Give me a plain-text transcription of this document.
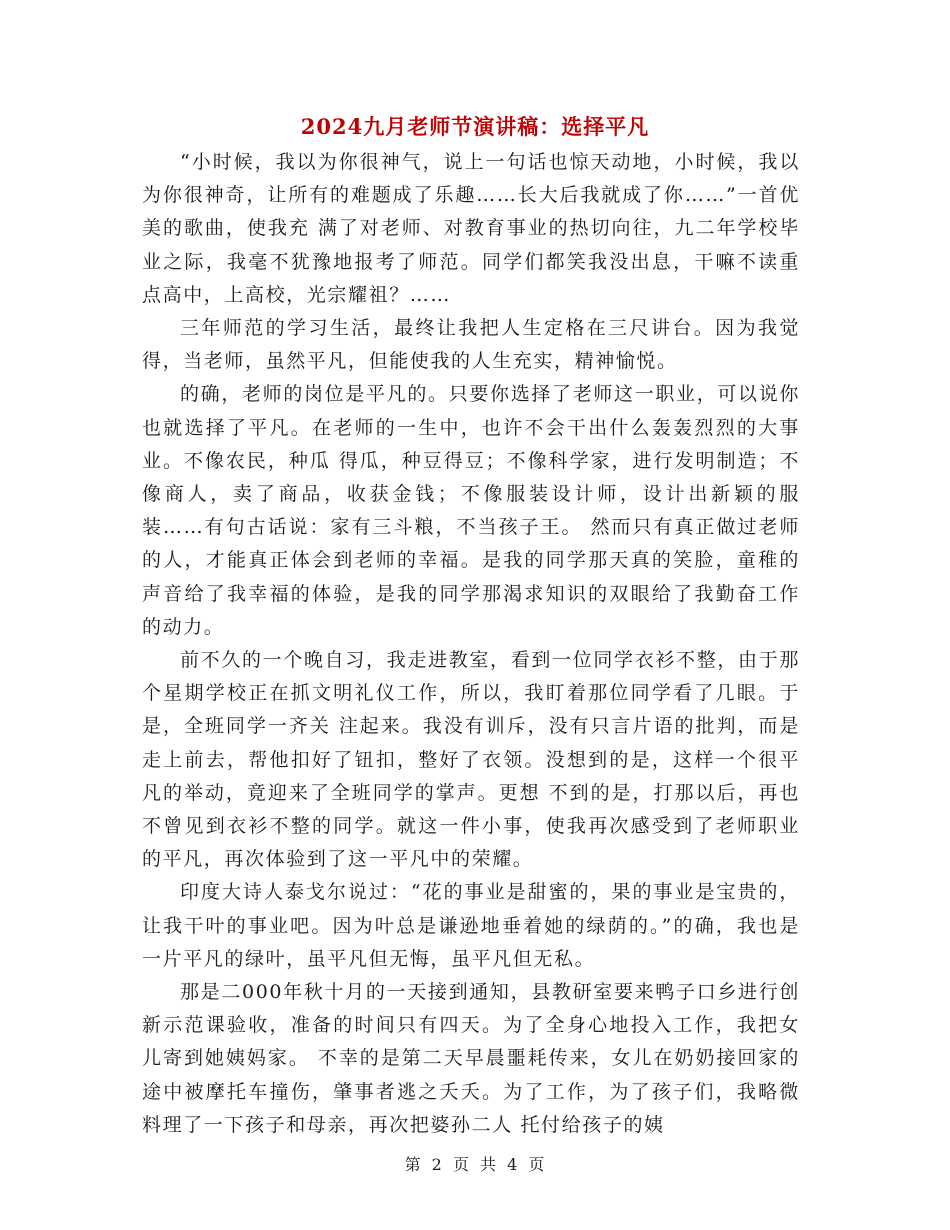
2024九月老师节演讲稿：选择平凡

“小时候，我以为你很神气，说上一句话也惊天动地，小时候，我以为你很神奇，让所有的难题成了乐趣……长大后我就成了你……”一首优美的歌曲，使我充 满了对老师、对教育事业的热切向往，九二年学校毕业之际，我毫不犹豫地报考了师范。同学们都笑我没出息，干嘛不读重点高中，上高校，光宗耀祖？……

三年师范的学习生活，最终让我把人生定格在三尺讲台。因为我觉得，当老师，虽然平凡，但能使我的人生充实，精神愉悦。

的确，老师的岗位是平凡的。只要你选择了老师这一职业，可以说你也就选择了平凡。在老师的一生中，也许不会干出什么轰轰烈烈的大事业。不像农民，种瓜 得瓜，种豆得豆；不像科学家，进行发明制造；不像商人，卖了商品，收获金钱；不像服装设计师，设计出新颖的服装……有句古话说：家有三斗粮，不当孩子王。 然而只有真正做过老师的人，才能真正体会到老师的幸福。是我的同学那天真的笑脸，童稚的声音给了我幸福的体验，是我的同学那渴求知识的双眼给了我勤奋工作 的动力。

前不久的一个晚自习，我走进教室，看到一位同学衣衫不整，由于那个星期学校正在抓文明礼仪工作，所以，我盯着那位同学看了几眼。于是，全班同学一齐关 注起来。我没有训斥，没有只言片语的批判，而是走上前去，帮他扣好了钮扣，整好了衣领。没想到的是，这样一个很平凡的举动，竟迎来了全班同学的掌声。更想 不到的是，打那以后，再也不曾见到衣衫不整的同学。就这一件小事，使我再次感受到了老师职业的平凡，再次体验到了这一平凡中的荣耀。

印度大诗人泰戈尔说过：“花的事业是甜蜜的，果的事业是宝贵的，让我干叶的事业吧。因为叶总是谦逊地垂着她的绿荫的。”的确，我也是一片平凡的绿叶，虽平凡但无悔，虽平凡但无私。

那是二000年秋十月的一天接到通知，县教研室要来鸭子口乡进行创新示范课验收，准备的时间只有四天。为了全身心地投入工作，我把女儿寄到她姨妈家。 不幸的是第二天早晨噩耗传来，女儿在奶奶接回家的途中被摩托车撞伤，肇事者逃之夭夭。为了工作，为了孩子们，我略微料理了一下孩子和母亲，再次把婆孙二人 托付给孩子的姨

第 2 页 共 4 页
